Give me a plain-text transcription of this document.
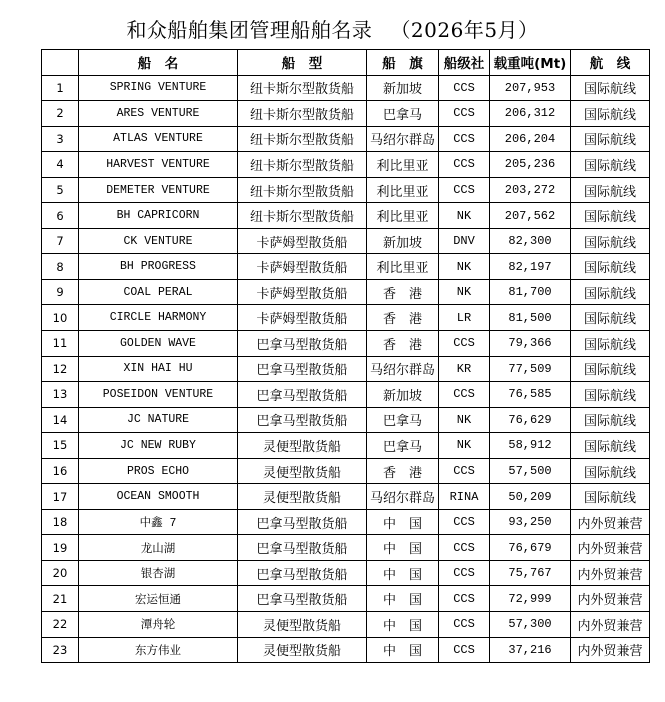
和众船舶集团管理船舶名录 （2026年5月）
	船　名	船　型	船　旗	船级社	载重吨(Mt)	航　线
1	SPRING VENTURE	纽卡斯尔型散货船	新加坡	CCS	207,953	国际航线
2	ARES VENTURE	纽卡斯尔型散货船	巴拿马	CCS	206,312	国际航线
3	ATLAS VENTURE	纽卡斯尔型散货船	马绍尔群岛	CCS	206,204	国际航线
4	HARVEST VENTURE	纽卡斯尔型散货船	利比里亚	CCS	205,236	国际航线
5	DEMETER VENTURE	纽卡斯尔型散货船	利比里亚	CCS	203,272	国际航线
6	BH CAPRICORN	纽卡斯尔型散货船	利比里亚	NK	207,562	国际航线
7	CK VENTURE	卡萨姆型散货船	新加坡	DNV	82,300	国际航线
8	BH PROGRESS	卡萨姆型散货船	利比里亚	NK	82,197	国际航线
9	COAL PERAL	卡萨姆型散货船	香　港	NK	81,700	国际航线
10	CIRCLE HARMONY	卡萨姆型散货船	香　港	LR	81,500	国际航线
11	GOLDEN WAVE	巴拿马型散货船	香　港	CCS	79,366	国际航线
12	XIN HAI HU	巴拿马型散货船	马绍尔群岛	KR	77,509	国际航线
13	POSEIDON VENTURE	巴拿马型散货船	新加坡	CCS	76,585	国际航线
14	JC NATURE	巴拿马型散货船	巴拿马	NK	76,629	国际航线
15	JC NEW RUBY	灵便型散货船	巴拿马	NK	58,912	国际航线
16	PROS ECHO	灵便型散货船	香　港	CCS	57,500	国际航线
17	OCEAN SMOOTH	灵便型散货船	马绍尔群岛	RINA	50,209	国际航线
18	中鑫 7	巴拿马型散货船	中　国	CCS	93,250	内外贸兼营
19	龙山湖	巴拿马型散货船	中　国	CCS	76,679	内外贸兼营
20	银杏湖	巴拿马型散货船	中　国	CCS	75,767	内外贸兼营
21	宏运恒通	巴拿马型散货船	中　国	CCS	72,999	内外贸兼营
22	潭舟轮	灵便型散货船	中　国	CCS	57,300	内外贸兼营
23	东方伟业	灵便型散货船	中　国	CCS	37,216	内外贸兼营
